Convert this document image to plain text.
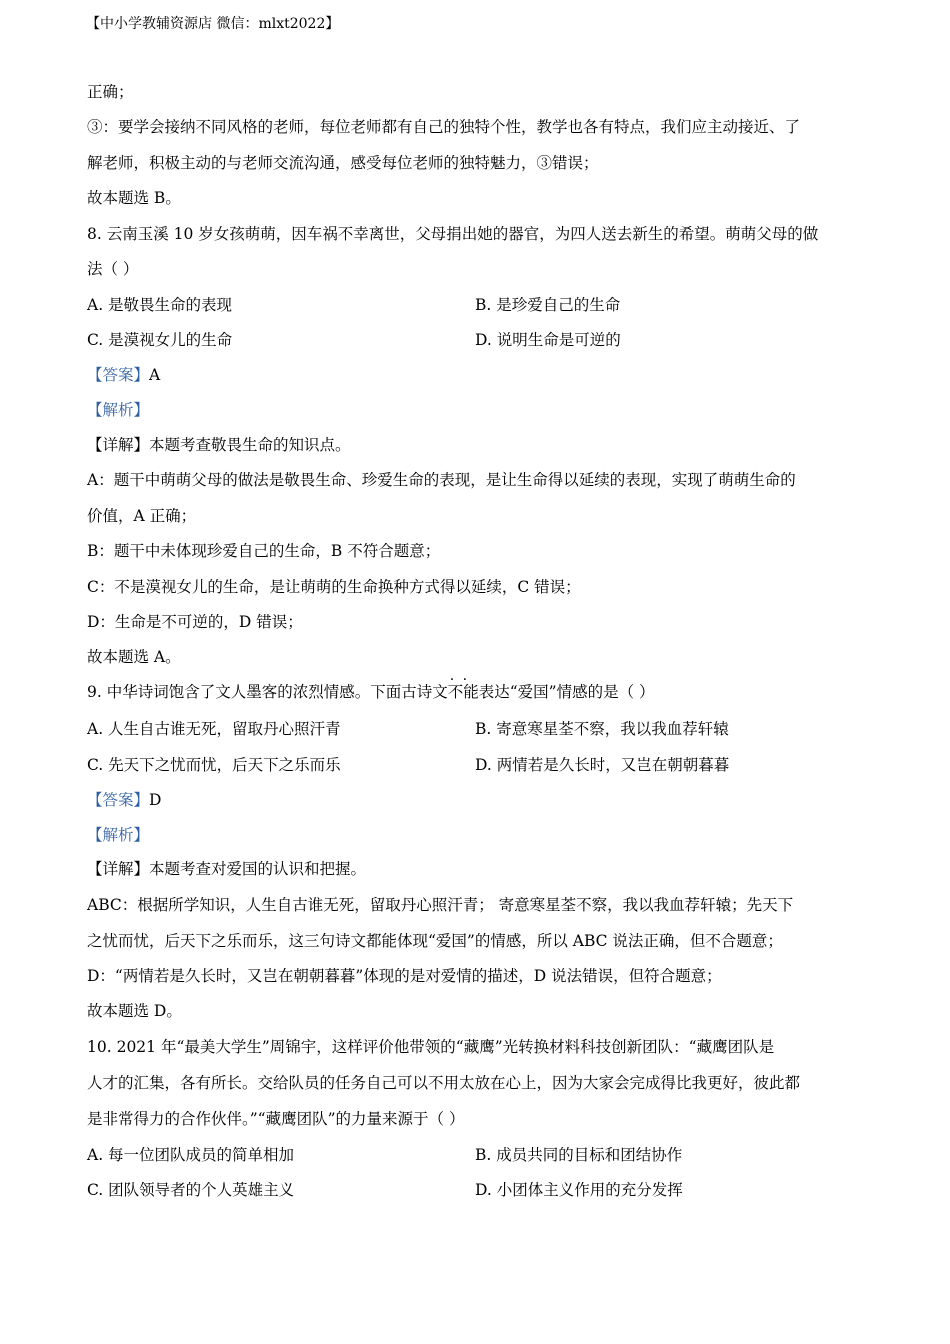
【中小学教辅资源店 微信：mlxt2022】
正确；
③：要学会接纳不同风格的老师，每位老师都有自己的独特个性，教学也各有特点，我们应主动接近、了
解老师，积极主动的与老师交流沟通，感受每位老师的独特魅力，③错误；
故本题选 B。
8. 云南玉溪 10 岁女孩萌萌，因车祸不幸离世，父母捐出她的器官，为四人送去新生的希望。萌萌父母的做
法（ ）
A. 是敬畏生命的表现	B. 是珍爱自己的生命
C. 是漠视女儿的生命	D. 说明生命是可逆的
【答案】A
【解析】
【详解】本题考查敬畏生命的知识点。
A：题干中萌萌父母的做法是敬畏生命、珍爱生命的表现，是让生命得以延续的表现，实现了萌萌生命的
价值，A 正确；
B：题干中未体现珍爱自己的生命，B 不符合题意；
C：不是漠视女儿的生命，是让萌萌的生命换种方式得以延续，C 错误；
D：生命是不可逆的，D 错误；
故本题选 A。
9. 中华诗词饱含了文人墨客的浓烈情感。下面古诗文· · 不能表达“爱国”情感的是（ ）
A. 人生自古谁无死，留取丹心照汗青	B. 寄意寒星荃不察，我以我血荐轩辕
C. 先天下之忧而忧，后天下之乐而乐	D. 两情若是久长时，又岂在朝朝暮暮
【答案】D
【解析】
【详解】本题考查对爱国的认识和把握。
ABC：根据所学知识，人生自古谁无死，留取丹心照汗青； 寄意寒星荃不察，我以我血荐轩辕；先天下
之忧而忧，后天下之乐而乐，这三句诗文都能体现“爱国”的情感，所以 ABC 说法正确，但不合题意；
D：“两情若是久长时，又岂在朝朝暮暮”体现的是对爱情的描述，D 说法错误，但符合题意；
故本题选 D。
10. 2021 年“最美大学生”周锦宇，这样评价他带领的“藏鹰”光转换材料科技创新团队：“藏鹰团队是
人才的汇集，各有所长。交给队员的任务自己可以不用太放在心上，因为大家会完成得比我更好，彼此都
是非常得力的合作伙伴。”“藏鹰团队”的力量来源于（ ）
A. 每一位团队成员的简单相加	B. 成员共同的目标和团结协作
C. 团队领导者的个人英雄主义	D. 小团体主义作用的充分发挥
